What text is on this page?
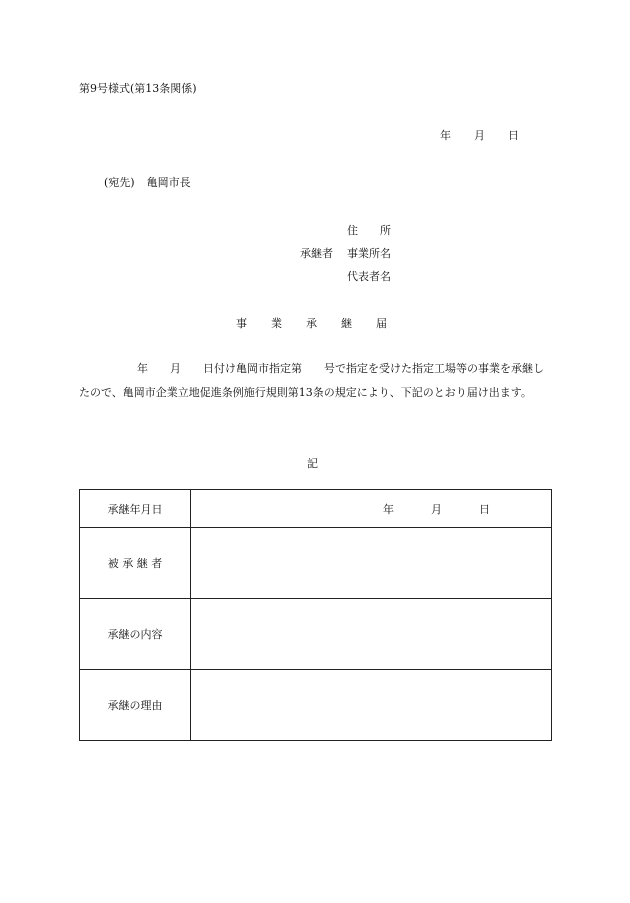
第9号様式(第13条関係)
年 月 日
(宛先) 亀岡市長
承継者
住　　所
事業所名
代表者名
事 業 承 継 届
年　　月　　日付け亀岡市指定第　　号で指定を受けた指定工場等の事業を承継したので、亀岡市企業立地促進条例施行規則第13条の規定により、下記のとおり届け出ます。
記
承継年月日	年 月 日
被 承 継 者	
承継の内容	
承継の理由	
